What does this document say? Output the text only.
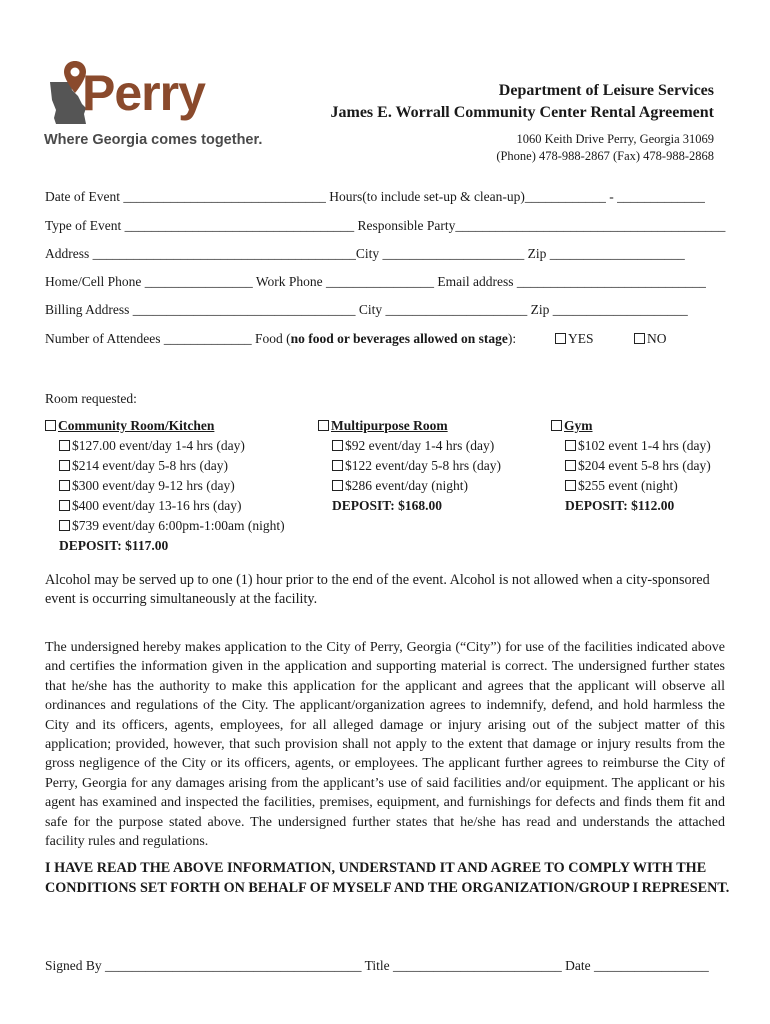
Perry
Where Georgia comes together.
Department of Leisure Services
James E. Worrall Community Center Rental Agreement
1060 Keith Drive Perry, Georgia 31069
(Phone) 478-988-2867 (Fax) 478-988-2868
Date of Event ______________________________ Hours(to include set-up & clean-up)____________ - _____________
Type of Event __________________________________ Responsible Party________________________________________
Address _______________________________________City _____________________ Zip ____________________
Home/Cell Phone ________________ Work Phone ________________ Email address ____________________________
Billing Address _________________________________ City _____________________ Zip ____________________
Number of Attendees _____________ Food (no food or beverages allowed on stage):	YES	NO
Room requested:
Community Room/Kitchen
$127.00 event/day 1-4 hrs (day)
$214 event/day 5-8 hrs (day)
$300 event/day 9-12 hrs (day)
$400 event/day 13-16 hrs (day)
$739 event/day 6:00pm-1:00am (night)
DEPOSIT: $117.00
Multipurpose Room
$92 event/day 1-4 hrs (day)
$122 event/day 5-8 hrs (day)
$286 event/day (night)
DEPOSIT: $168.00
Gym
$102 event 1-4 hrs (day)
$204 event 5-8 hrs (day)
$255 event (night)
DEPOSIT: $112.00
Alcohol may be served up to one (1) hour prior to the end of the event. Alcohol is not allowed when a city-sponsored event is occurring simultaneously at the facility.
The undersigned hereby makes application to the City of Perry, Georgia (“City”) for use of the facilities indicated above and certifies the information given in the application and supporting material is correct. The undersigned further states that he/she has the authority to make this application for the applicant and agrees that the applicant will observe all ordinances and regulations of the City. The applicant/organization agrees to indemnify, defend, and hold harmless the City and its officers, agents, employees, for all alleged damage or injury arising out of the subject matter of this application; provided, however, that such provision shall not apply to the extent that damage or injury results from the gross negligence of the City or its officers, agents, or employees. The applicant further agrees to reimburse the City of Perry, Georgia for any damages arising from the applicant’s use of said facilities and/or equipment. The applicant or his agent has examined and inspected the facilities, premises, equipment, and furnishings for defects and finds them fit and safe for the purpose stated above. The undersigned further states that he/she has read and understands the attached facility rules and regulations.
I HAVE READ THE ABOVE INFORMATION, UNDERSTAND IT AND AGREE TO COMPLY WITH THE CONDITIONS SET FORTH ON BEHALF OF MYSELF AND THE ORGANIZATION/GROUP I REPRESENT.
Signed By ______________________________________ Title _________________________ Date _________________
